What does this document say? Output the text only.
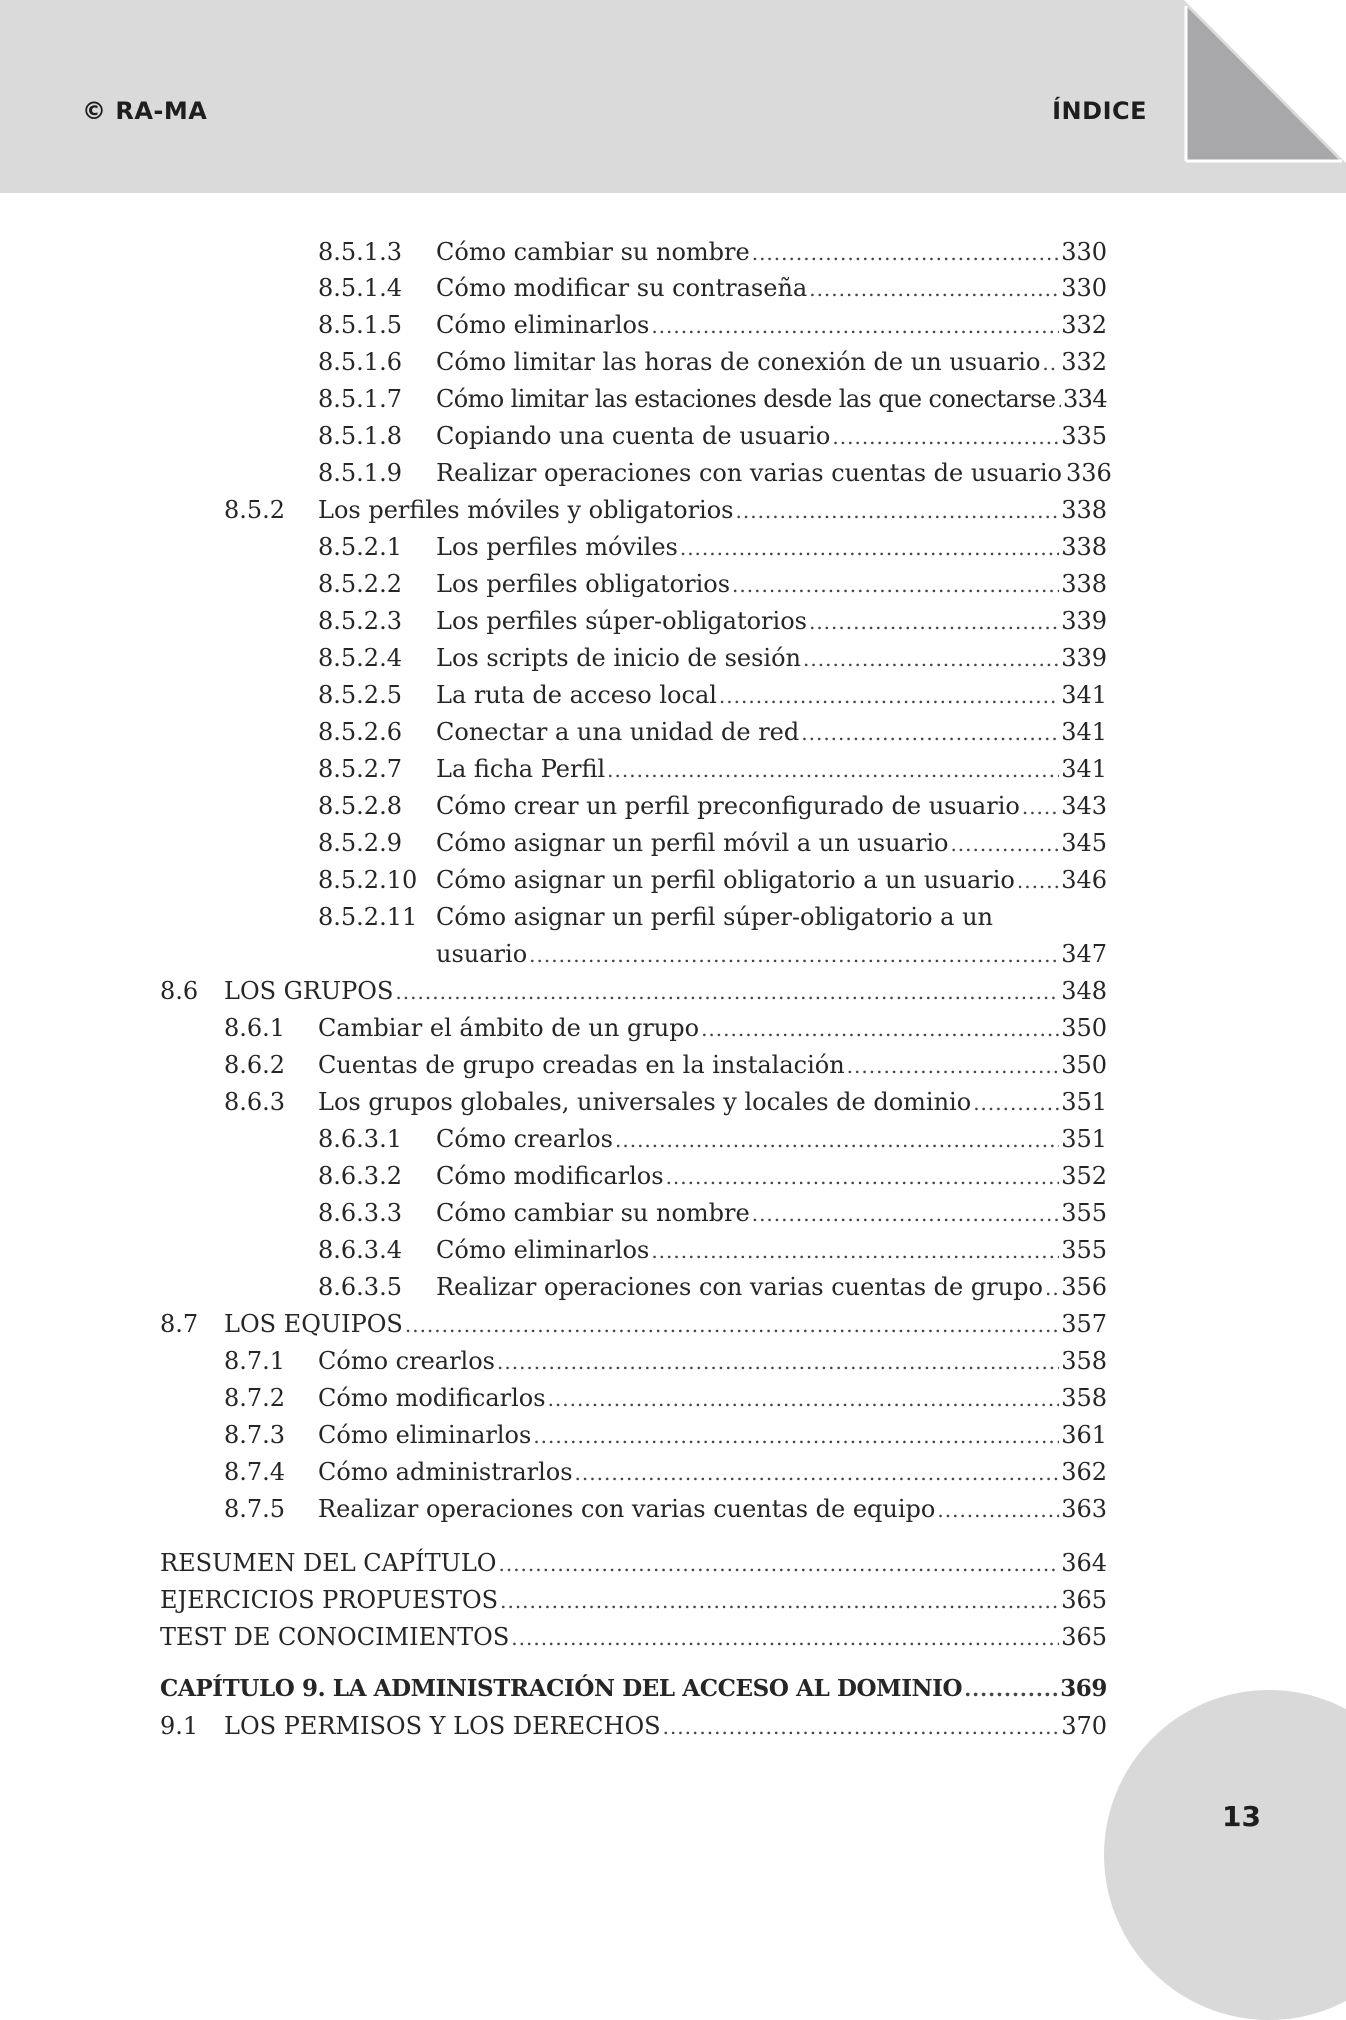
© RA-MA	ÍNDICE
8.5.1.3 Cómo cambiar su nombre .....	330
8.5.1.4 Cómo modificar su contraseña .....	330
8.5.1.5 Cómo eliminarlos .....	332
8.5.1.6 Cómo limitar las horas de conexión de un usuario ..... 332
8.5.1.7 Cómo limitar las estaciones desde las que conectarse ..... 334
8.5.1.8 Copiando una cuenta de usuario .....	335
8.5.1.9 Realizar operaciones con varias cuentas de usuario 336
8.5.2 Los perfiles móviles y obligatorios .....	338
8.5.2.1 Los perfiles móviles .....	338
8.5.2.2 Los perfiles obligatorios .....	338
8.5.2.3 Los perfiles súper-obligatorios .....	339
8.5.2.4 Los scripts de inicio de sesión .....	339
8.5.2.5 La ruta de acceso local .....	341
8.5.2.6 Conectar a una unidad de red .....	341
8.5.2.7 La ficha Perfil .....	341
8.5.2.8 Cómo crear un perfil preconfigurado de usuario ..... 343
8.5.2.9 Cómo asignar un perfil móvil a un usuario .....	345
8.5.2.10 Cómo asignar un perfil obligatorio a un usuario ..... 346
8.5.2.11 Cómo asignar un perfil súper-obligatorio a un
usuario .....	347
8.6 LOS GRUPOS .....	348
8.6.1 Cambiar el ámbito de un grupo .....	350
8.6.2 Cuentas de grupo creadas en la instalación .....	350
8.6.3 Los grupos globales, universales y locales de dominio .....	351
8.6.3.1 Cómo crearlos .....	351
8.6.3.2 Cómo modificarlos .....	352
8.6.3.3 Cómo cambiar su nombre .....	355
8.6.3.4 Cómo eliminarlos .....	355
8.6.3.5 Realizar operaciones con varias cuentas de grupo ..... 356
8.7 LOS EQUIPOS .....	357
8.7.1 Cómo crearlos .....	358
8.7.2 Cómo modificarlos .....	358
8.7.3 Cómo eliminarlos .....	361
8.7.4 Cómo administrarlos .....	362
8.7.5 Realizar operaciones con varias cuentas de equipo .....	363
RESUMEN DEL CAPÍTULO .....	364
EJERCICIOS PROPUESTOS .....	365
TEST DE CONOCIMIENTOS .....	365
CAPÍTULO 9. LA ADMINISTRACIÓN DEL ACCESO AL DOMINIO .....	369
9.1 LOS PERMISOS Y LOS DERECHOS .....	370
13
